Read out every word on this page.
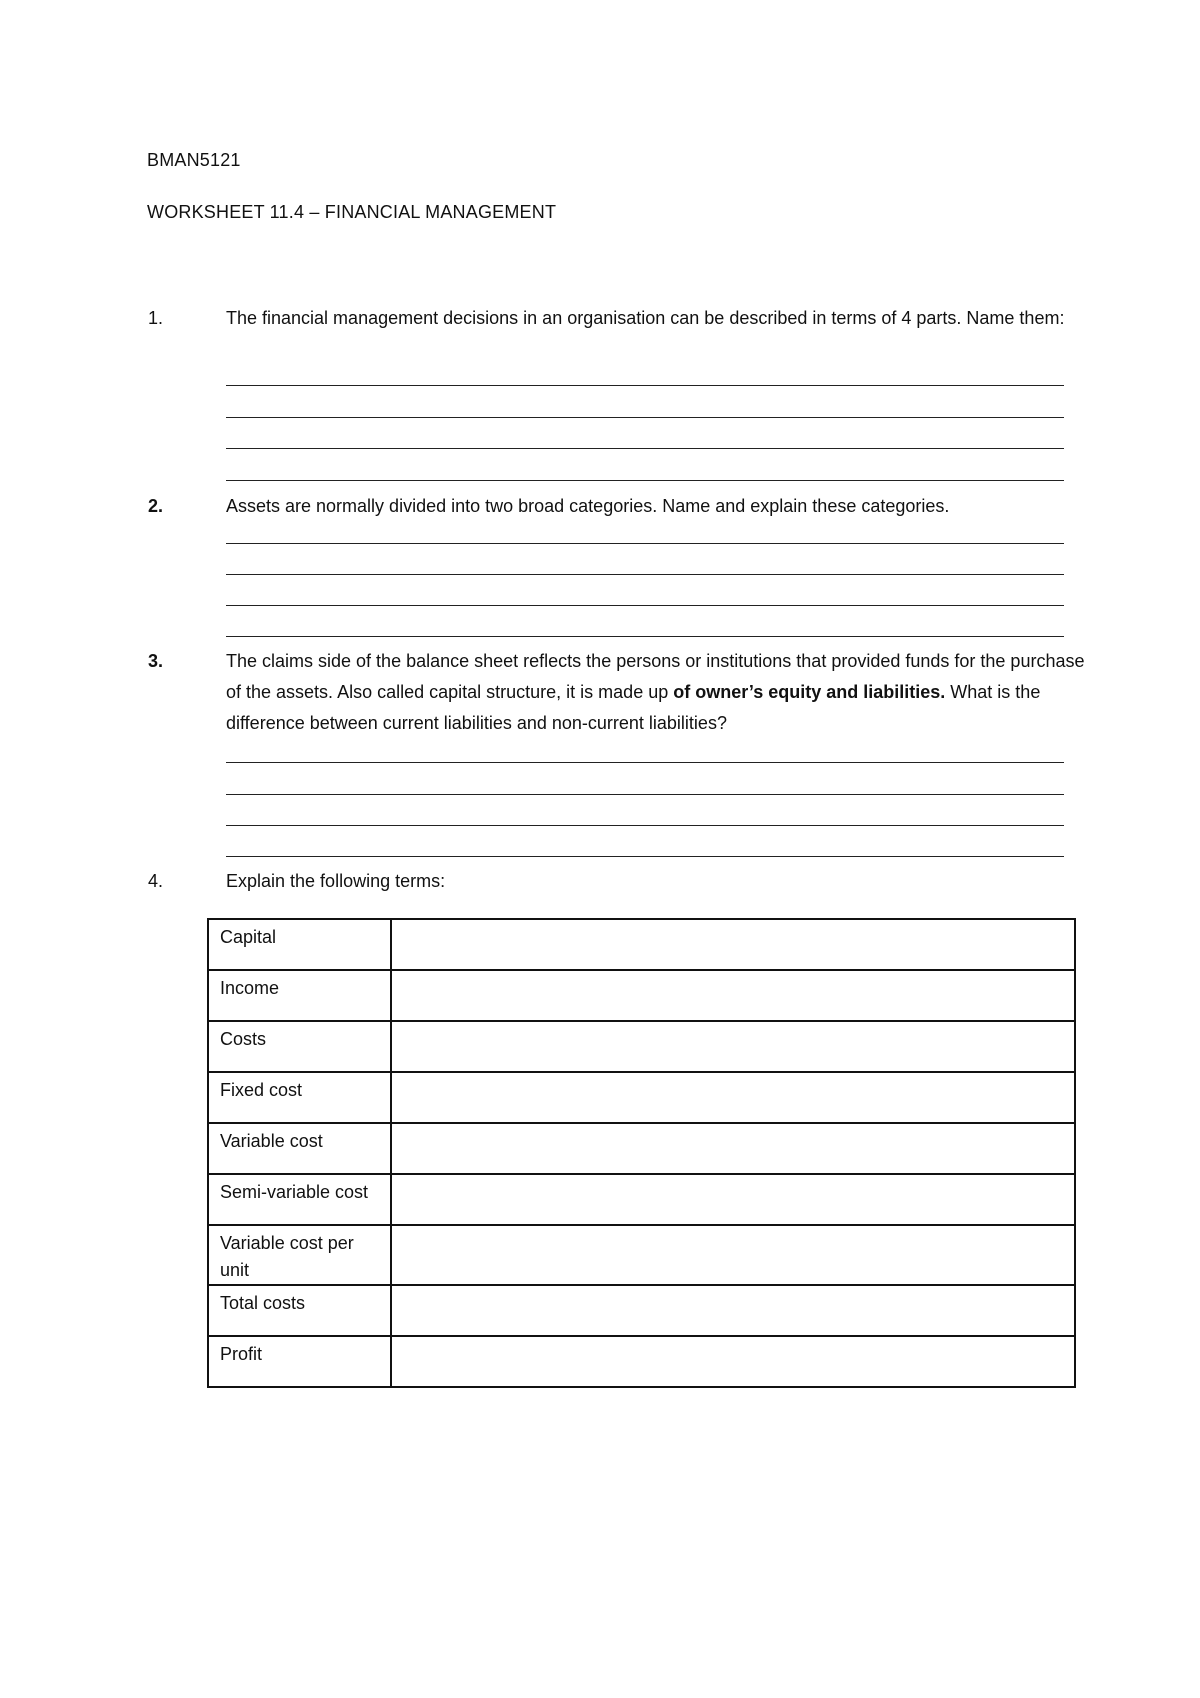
BMAN5121
WORKSHEET 11.4 – FINANCIAL MANAGEMENT
1.	The financial management decisions in an organisation can be described in terms of 4 parts. Name them:
2.	Assets are normally divided into two broad categories. Name and explain these categories.
3.	The claims side of the balance sheet reflects the persons or institutions that provided funds for the purchase of the assets. Also called capital structure, it is made up of owner’s equity and liabilities. What is the difference between current liabilities and non-current liabilities?
4.	Explain the following terms:
Capital	
Income	
Costs	
Fixed cost	
Variable cost	
Semi-variable cost	
Variable cost per unit	
Total costs	
Profit	
